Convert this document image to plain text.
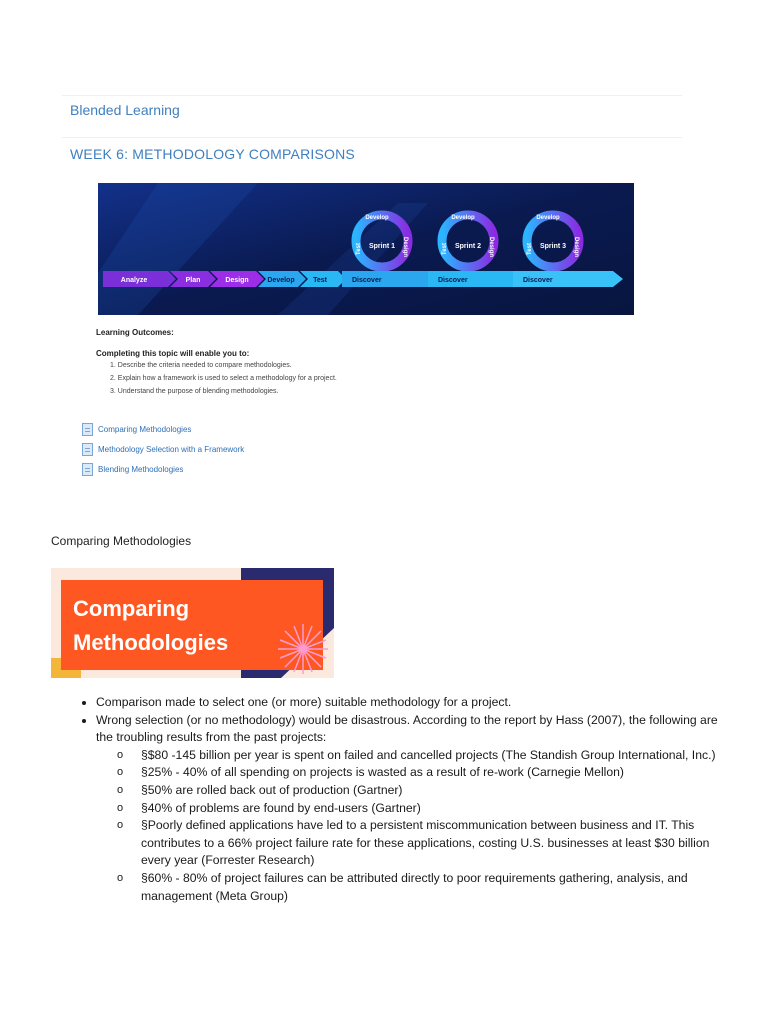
Blended Learning
WEEK 6: METHODOLOGY COMPARISONS
Analyze	Plan	Design	Develop	Test
Sprint 1
Develop
Test	Design
Discover
Sprint 2
Develop
Test	Design
Discover
Sprint 3
Develop
Test	Design
Discover
Learning Outcomes:
Completing this topic will enable you to:
1. Describe the criteria needed to compare methodologies.
2. Explain how a framework is used to select a methodology for a project.
3. Understand the purpose of blending methodologies.
Comparing Methodologies
Methodology Selection with a Framework
Blending Methodologies
Comparing Methodologies
Comparing
Methodologies
• Comparison made to select one (or more) suitable methodology for a project.
• Wrong selection (or no methodology) would be disastrous. According to the report by Hass (2007), the following are the troubling results from the past projects:
o §$80 -145 billion per year is spent on failed and cancelled projects (The Standish Group International, Inc.)
o §25% - 40% of all spending on projects is wasted as a result of re-work (Carnegie Mellon)
o §50% are rolled back out of production (Gartner)
o §40% of problems are found by end-users (Gartner)
o §Poorly defined applications have led to a persistent miscommunication between business and IT. This contributes to a 66% project failure rate for these applications, costing U.S. businesses at least $30 billion every year (Forrester Research)
o §60% - 80% of project failures can be attributed directly to poor requirements gathering, analysis, and management (Meta Group)
